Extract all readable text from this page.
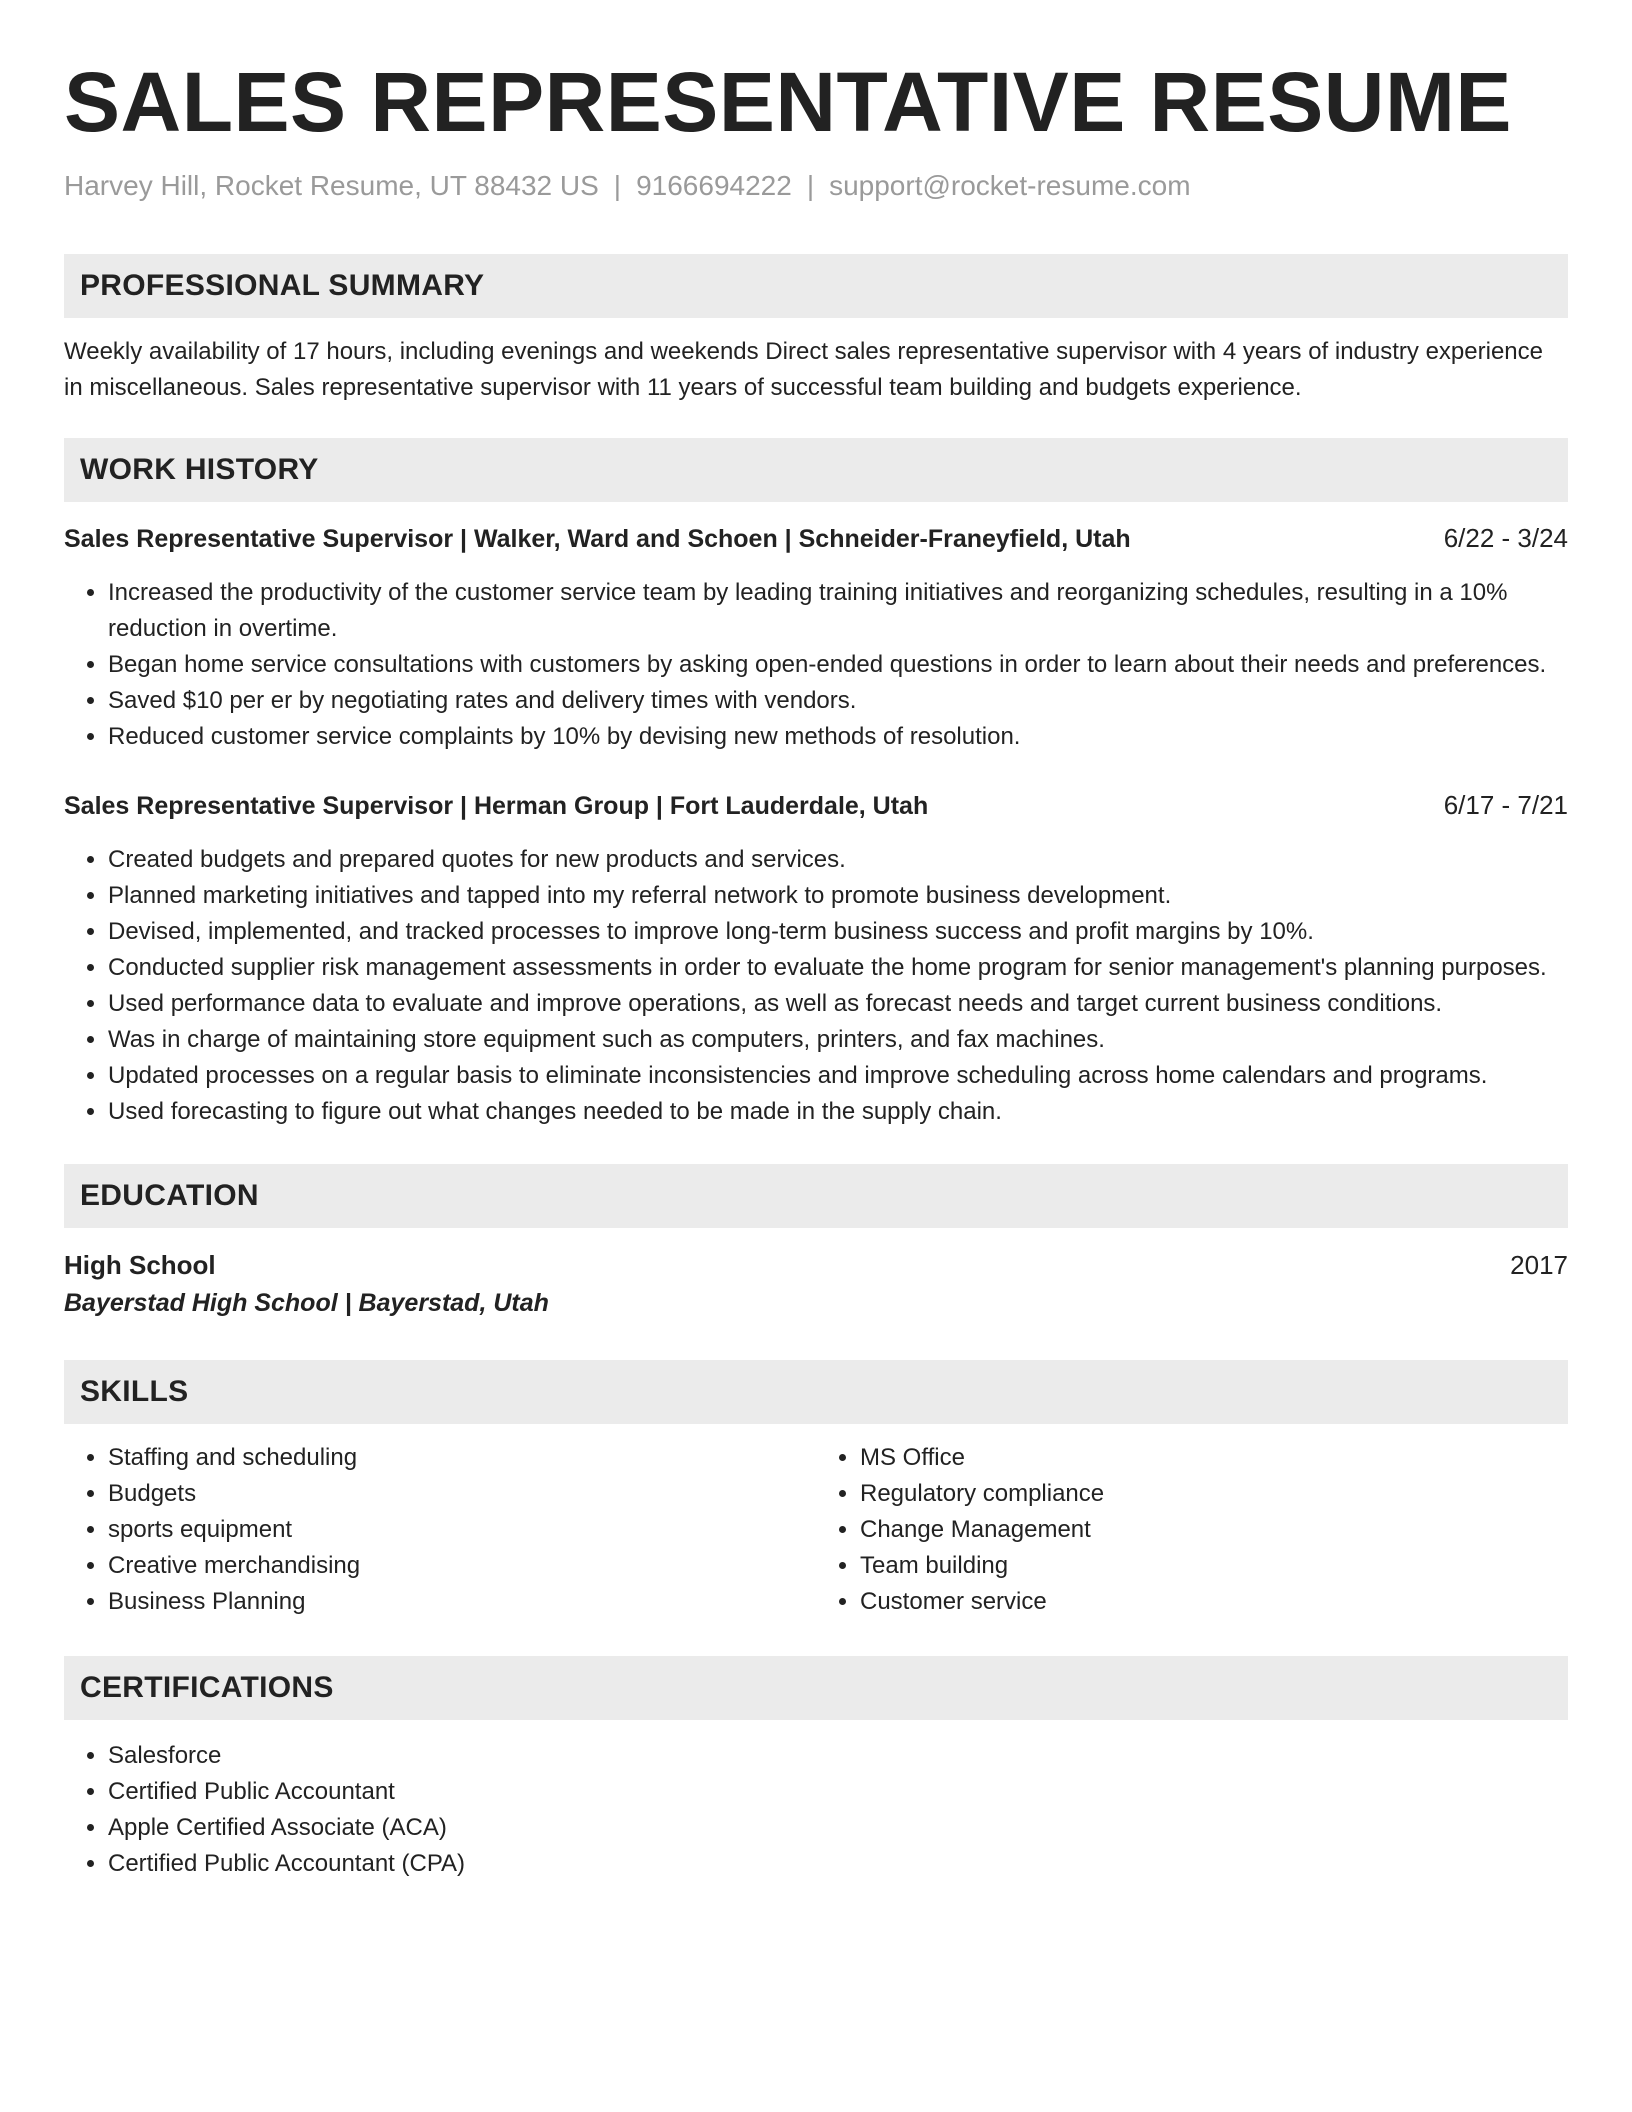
SALES REPRESENTATIVE RESUME
Harvey Hill, Rocket Resume, UT 88432 US | 9166694222 | support@rocket-resume.com
PROFESSIONAL SUMMARY
Weekly availability of 17 hours, including evenings and weekends Direct sales representative supervisor with 4 years of industry experience in miscellaneous. Sales representative supervisor with 11 years of successful team building and budgets experience.
WORK HISTORY
Sales Representative Supervisor | Walker, Ward and Schoen | Schneider-Franeyfield, Utah	6/22 - 3/24
• Increased the productivity of the customer service team by leading training initiatives and reorganizing schedules, resulting in a 10% reduction in overtime.
• Began home service consultations with customers by asking open-ended questions in order to learn about their needs and preferences.
• Saved $10 per er by negotiating rates and delivery times with vendors.
• Reduced customer service complaints by 10% by devising new methods of resolution.
Sales Representative Supervisor | Herman Group | Fort Lauderdale, Utah	6/17 - 7/21
• Created budgets and prepared quotes for new products and services.
• Planned marketing initiatives and tapped into my referral network to promote business development.
• Devised, implemented, and tracked processes to improve long-term business success and profit margins by 10%.
• Conducted supplier risk management assessments in order to evaluate the home program for senior management's planning purposes.
• Used performance data to evaluate and improve operations, as well as forecast needs and target current business conditions.
• Was in charge of maintaining store equipment such as computers, printers, and fax machines.
• Updated processes on a regular basis to eliminate inconsistencies and improve scheduling across home calendars and programs.
• Used forecasting to figure out what changes needed to be made in the supply chain.
EDUCATION
High School	2017
Bayerstad High School | Bayerstad, Utah
SKILLS
• Staffing and scheduling
• Budgets
• sports equipment
• Creative merchandising
• Business Planning
• MS Office
• Regulatory compliance
• Change Management
• Team building
• Customer service
CERTIFICATIONS
• Salesforce
• Certified Public Accountant
• Apple Certified Associate (ACA)
• Certified Public Accountant (CPA)
